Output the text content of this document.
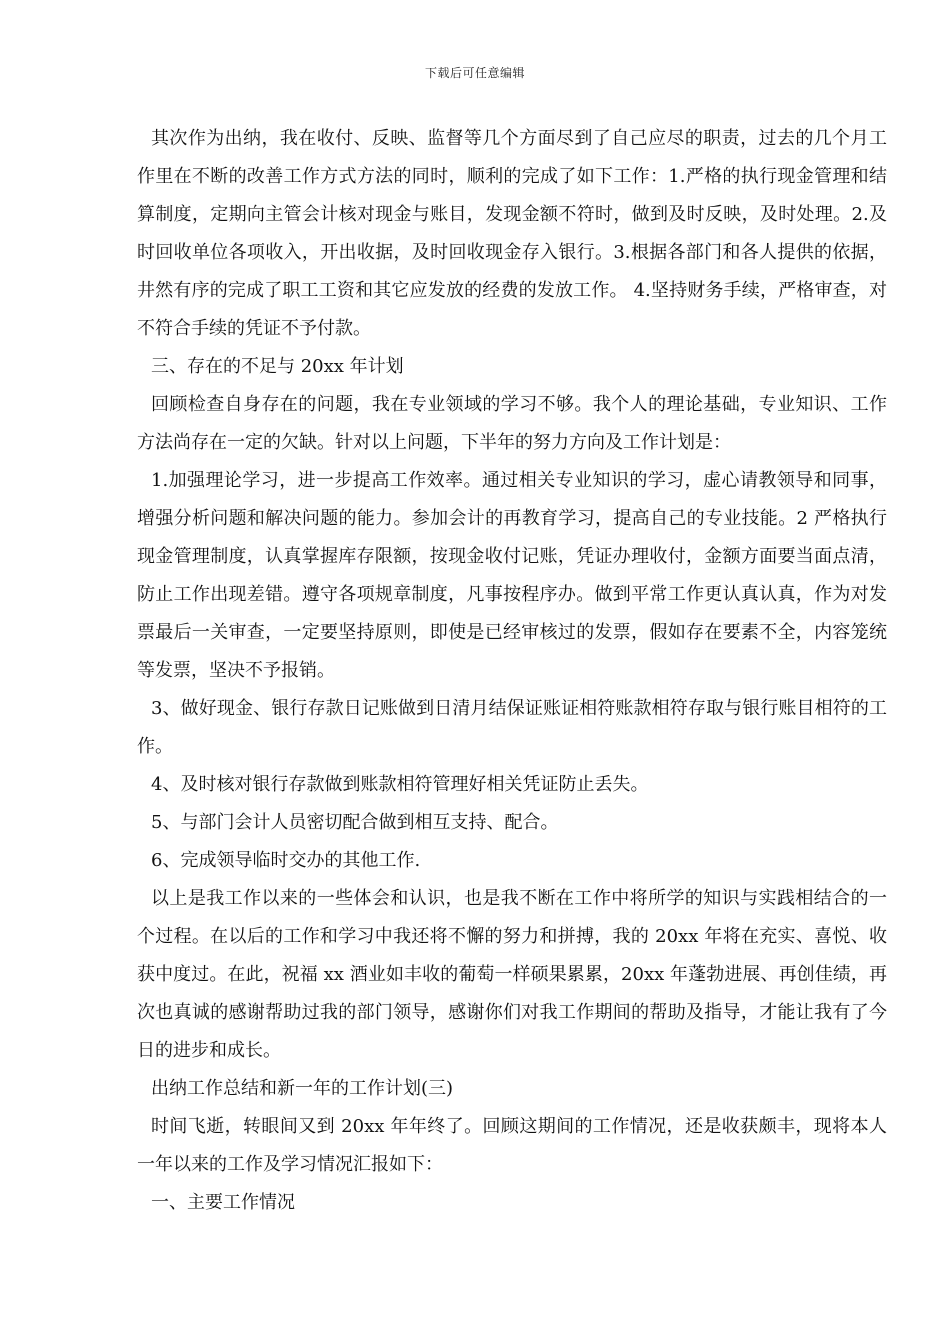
下载后可任意编辑

其次作为出纳，我在收付、反映、监督等几个方面尽到了自己应尽的职责，过去的几个月工作里在不断的改善工作方式方法的同时，顺利的完成了如下工作：1.严格的执行现金管理和结算制度，定期向主管会计核对现金与账目，发现金额不符时，做到及时反映，及时处理。2.及时回收单位各项收入，开出收据，及时回收现金存入银行。3.根据各部门和各人提供的依据，井然有序的完成了职工工资和其它应发放的经费的发放工作。 4.坚持财务手续，严格审查，对不符合手续的凭证不予付款。

三、存在的不足与 20xx 年计划

回顾检查自身存在的问题，我在专业领域的学习不够。我个人的理论基础，专业知识、工作方法尚存在一定的欠缺。针对以上问题，下半年的努力方向及工作计划是：

1.加强理论学习，进一步提高工作效率。通过相关专业知识的学习，虚心请教领导和同事，增强分析问题和解决问题的能力。参加会计的再教育学习，提高自己的专业技能。2 严格执行现金管理制度，认真掌握库存限额，按现金收付记账，凭证办理收付，金额方面要当面点清，防止工作出现差错。遵守各项规章制度，凡事按程序办。做到平常工作更认真认真，作为对发票最后一关审查，一定要坚持原则，即使是已经审核过的发票，假如存在要素不全，内容笼统等发票，坚决不予报销。

3、做好现金、银行存款日记账做到日清月结保证账证相符账款相符存取与银行账目相符的工作。

4、及时核对银行存款做到账款相符管理好相关凭证防止丢失。

5、与部门会计人员密切配合做到相互支持、配合。

6、完成领导临时交办的其他工作.

以上是我工作以来的一些体会和认识，也是我不断在工作中将所学的知识与实践相结合的一个过程。在以后的工作和学习中我还将不懈的努力和拼搏，我的 20xx 年将在充实、喜悦、收获中度过。在此，祝福 xx 酒业如丰收的葡萄一样硕果累累，20xx 年蓬勃进展、再创佳绩，再次也真诚的感谢帮助过我的部门领导，感谢你们对我工作期间的帮助及指导，才能让我有了今日的进步和成长。

出纳工作总结和新一年的工作计划(三)

时间飞逝，转眼间又到 20xx 年年终了。回顾这期间的工作情况，还是收获颇丰，现将本人一年以来的工作及学习情况汇报如下：

一、主要工作情况
